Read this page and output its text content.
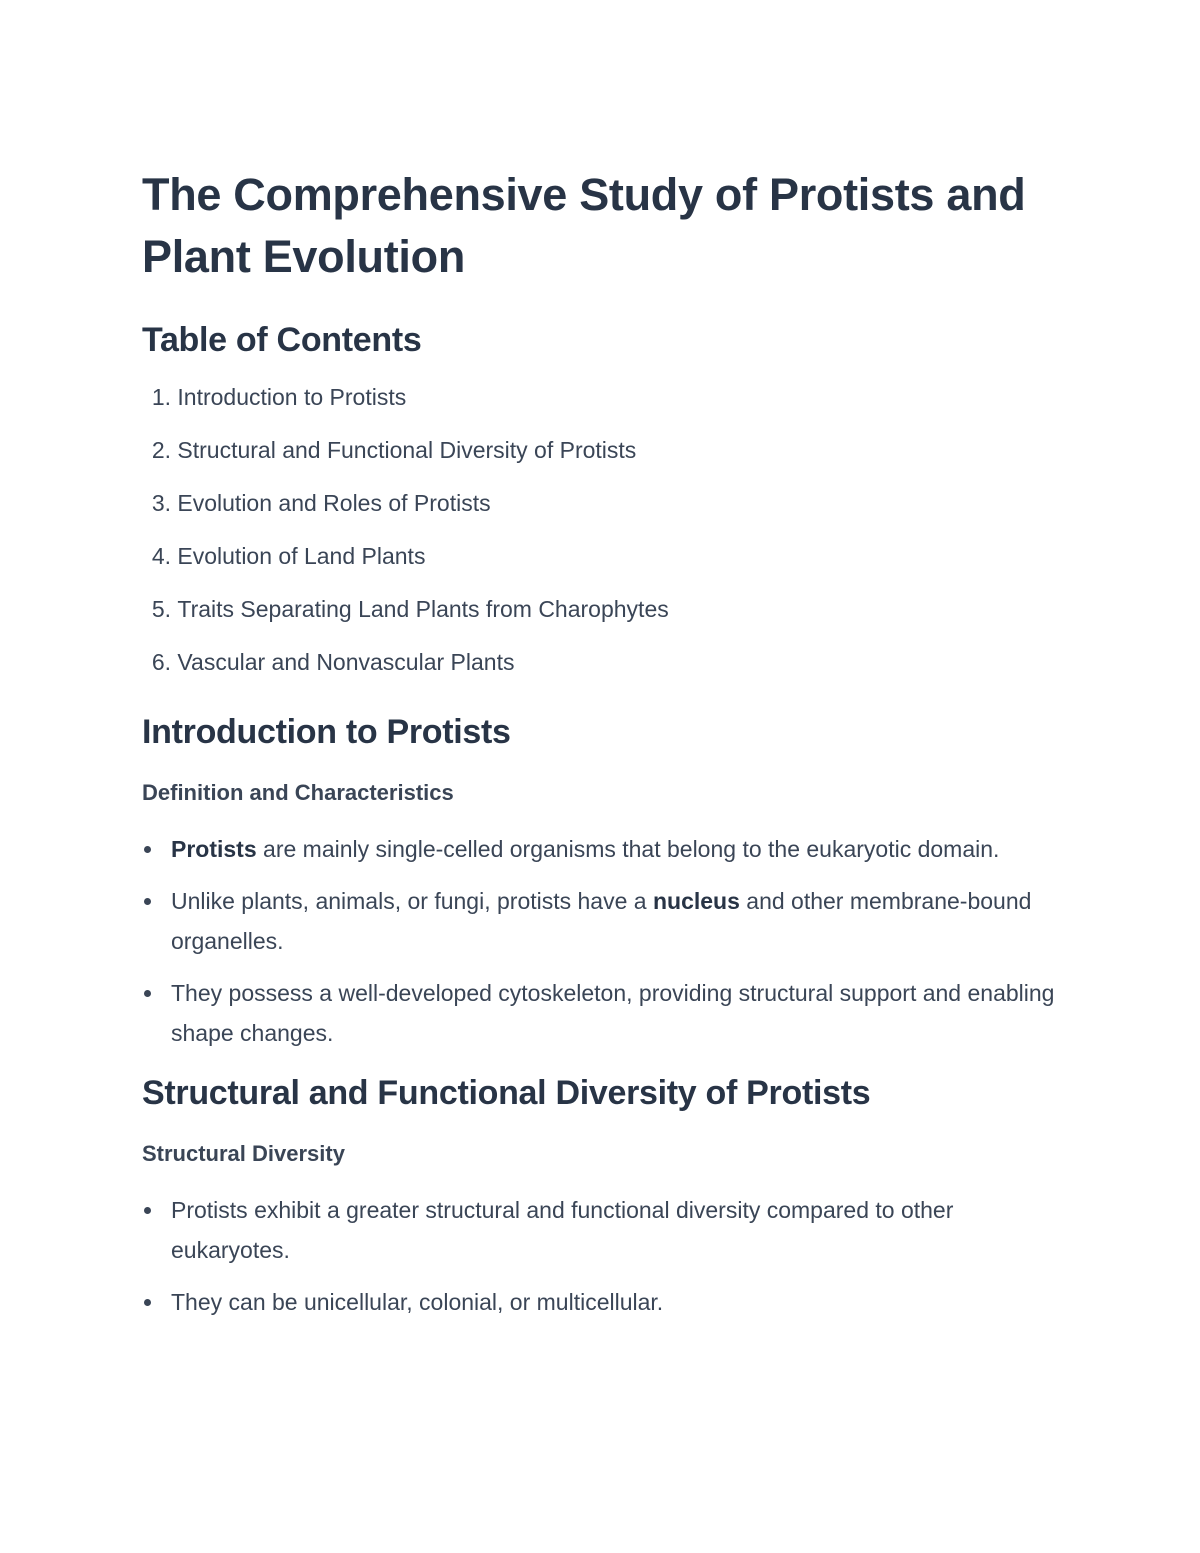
The Comprehensive Study of Protists and Plant Evolution
Table of Contents
1.
Introduction to Protists
2.
Structural and Functional Diversity of Protists
3.
Evolution and Roles of Protists
4.
Evolution of Land Plants
5.
Traits Separating Land Plants from Charophytes
6.
Vascular and Nonvascular Plants
Introduction to Protists
Definition and Characteristics
Protists are mainly single-celled organisms that belong to the eukaryotic domain.
Unlike plants, animals, or fungi, protists have a nucleus and other membrane-bound organelles.
They possess a well-developed cytoskeleton, providing structural support and enabling shape changes.
Structural and Functional Diversity of Protists
Structural Diversity
Protists exhibit a greater structural and functional diversity compared to other eukaryotes.
They can be unicellular, colonial, or multicellular.
